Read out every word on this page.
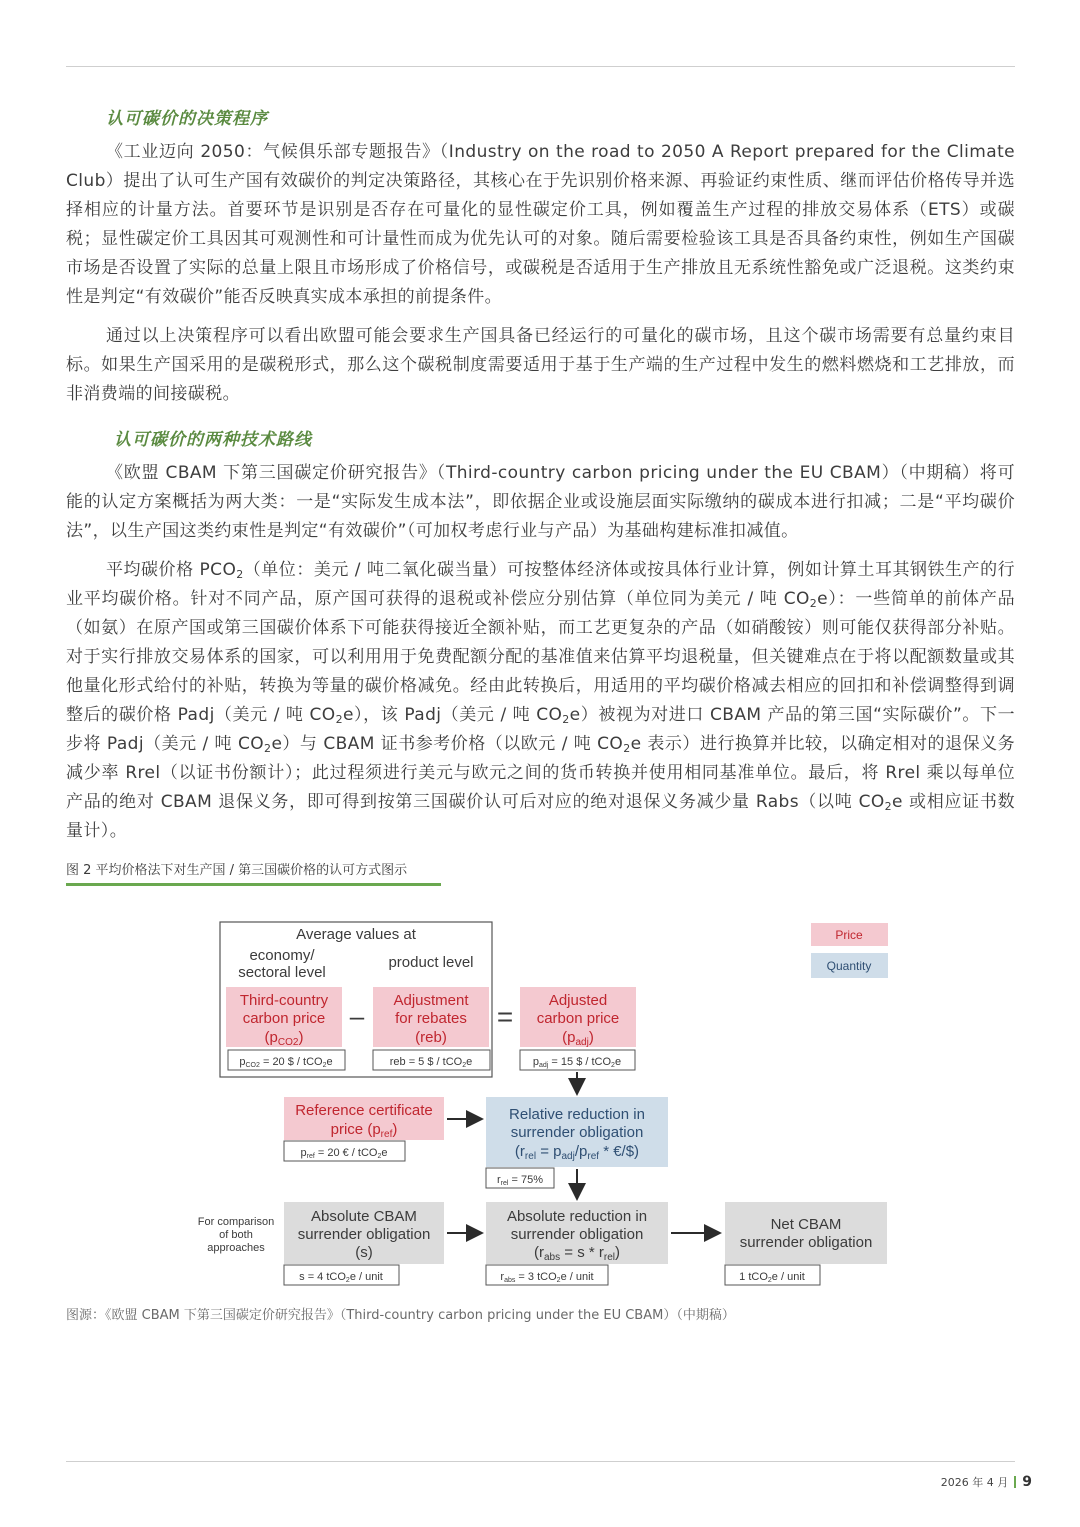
认可碳价的决策程序

《工业迈向 2050：气候俱乐部专题报告》（Industry on the road to 2050 A Report prepared for the Climate Club）提出了认可生产国有效碳价的判定决策路径，其核心在于先识别价格来源、再验证约束性质、继而评估价格传导并选择相应的计量方法。首要环节是识别是否存在可量化的显性碳定价工具，例如覆盖生产过程的排放交易体系（ETS）或碳税；显性碳定价工具因其可观测性和可计量性而成为优先认可的对象。随后需要检验该工具是否具备约束性，例如生产国碳市场是否设置了实际的总量上限且市场形成了价格信号，或碳税是否适用于生产排放且无系统性豁免或广泛退税。这类约束性是判定“有效碳价”能否反映真实成本承担的前提条件。

通过以上决策程序可以看出欧盟可能会要求生产国具备已经运行的可量化的碳市场，且这个碳市场需要有总量约束目标。如果生产国采用的是碳税形式，那么这个碳税制度需要适用于基于生产端的生产过程中发生的燃料燃烧和工艺排放，而非消费端的间接碳税。

认可碳价的两种技术路线

《欧盟 CBAM 下第三国碳定价研究报告》（Third-country carbon pricing under the EU CBAM）（中期稿）将可能的认定方案概括为两大类：一是“实际发生成本法”，即依据企业或设施层面实际缴纳的碳成本进行扣减；二是“平均碳价法”，以生产国这类约束性是判定“有效碳价”（可加权考虑行业与产品）为基础构建标准扣减值。

平均碳价格 $PCO_2$（单位：美元 / 吨二氧化碳当量）可按整体经济体或按具体行业计算，例如计算土耳其钢铁生产的行业平均碳价格。针对不同产品，原产国可获得的退税或补偿应分别估算（单位同为美元 / 吨 $CO_2e$）：一些简单的前体产品（如氨）在原产国或第三国碳价体系下可能获得接近全额补贴，而工艺更复杂的产品（如硝酸铵）则可能仅获得部分补贴。对于实行排放交易体系的国家，可以利用用于免费配额分配的基准值来估算平均退税量，但关键难点在于将以配额数量或其他量化形式给付的补贴，转换为等量的碳价格减免。经由此转换后，用适用的平均碳价格减去相应的回扣和补偿调整得到调整后的碳价格 Padj（美元 / 吨 $CO_2e$），该 Padj（美元 / 吨 $CO_2e$）被视为对进口 CBAM 产品的第三国“实际碳价”。下一步将 Padj（美元 / 吨 $CO_2e$）与 CBAM 证书参考价格（以欧元 / 吨 $CO_2e$ 表示）进行换算并比较，以确定相对的退保义务减少率 Rrel（以证书份额计）；此过程须进行美元与欧元之间的货币转换并使用相同基准单位。最后，将 Rrel 乘以每单位产品的绝对 CBAM 退保义务，即可得到按第三国碳价认可后对应的绝对退保义务减少量 Rabs（以吨 $CO_2e$ 或相应证书数量计）。

图 2 平均价格法下对生产国 / 第三国碳价格的认可方式图示

Price
Quantity
Average values at
economy/
sectoral level
product level
Third-country
carbon price
$(p_{CO2})$
pCO2 = 20 $ / tCO2e
–
Adjustment
for rebates
(reb)
reb = 5 $ / tCO2e
=
Adjusted
carbon price
$(p_{adj})$
padj = 15 $ / tCO2e
Reference certificate
price $(p_{ref})$
pref = 20 € / tCO2e
Relative reduction in
surrender obligation
($r_{rel} = p_{adj}/p_{ref}$ * €/$)
rrel = 75%
For comparison
of both
approaches
Absolute CBAM
surrender obligation
(s)
s = 4 tCO2e / unit
Absolute reduction in
surrender obligation
$(r_{abs} = s * r_{rel})$
rabs = 3 tCO2e / unit
Net CBAM
surrender obligation
1 tCO2e / unit

图源：《欧盟 CBAM 下第三国碳定价研究报告》（Third-country carbon pricing under the EU CBAM）（中期稿）

2026 年 4 月 9
